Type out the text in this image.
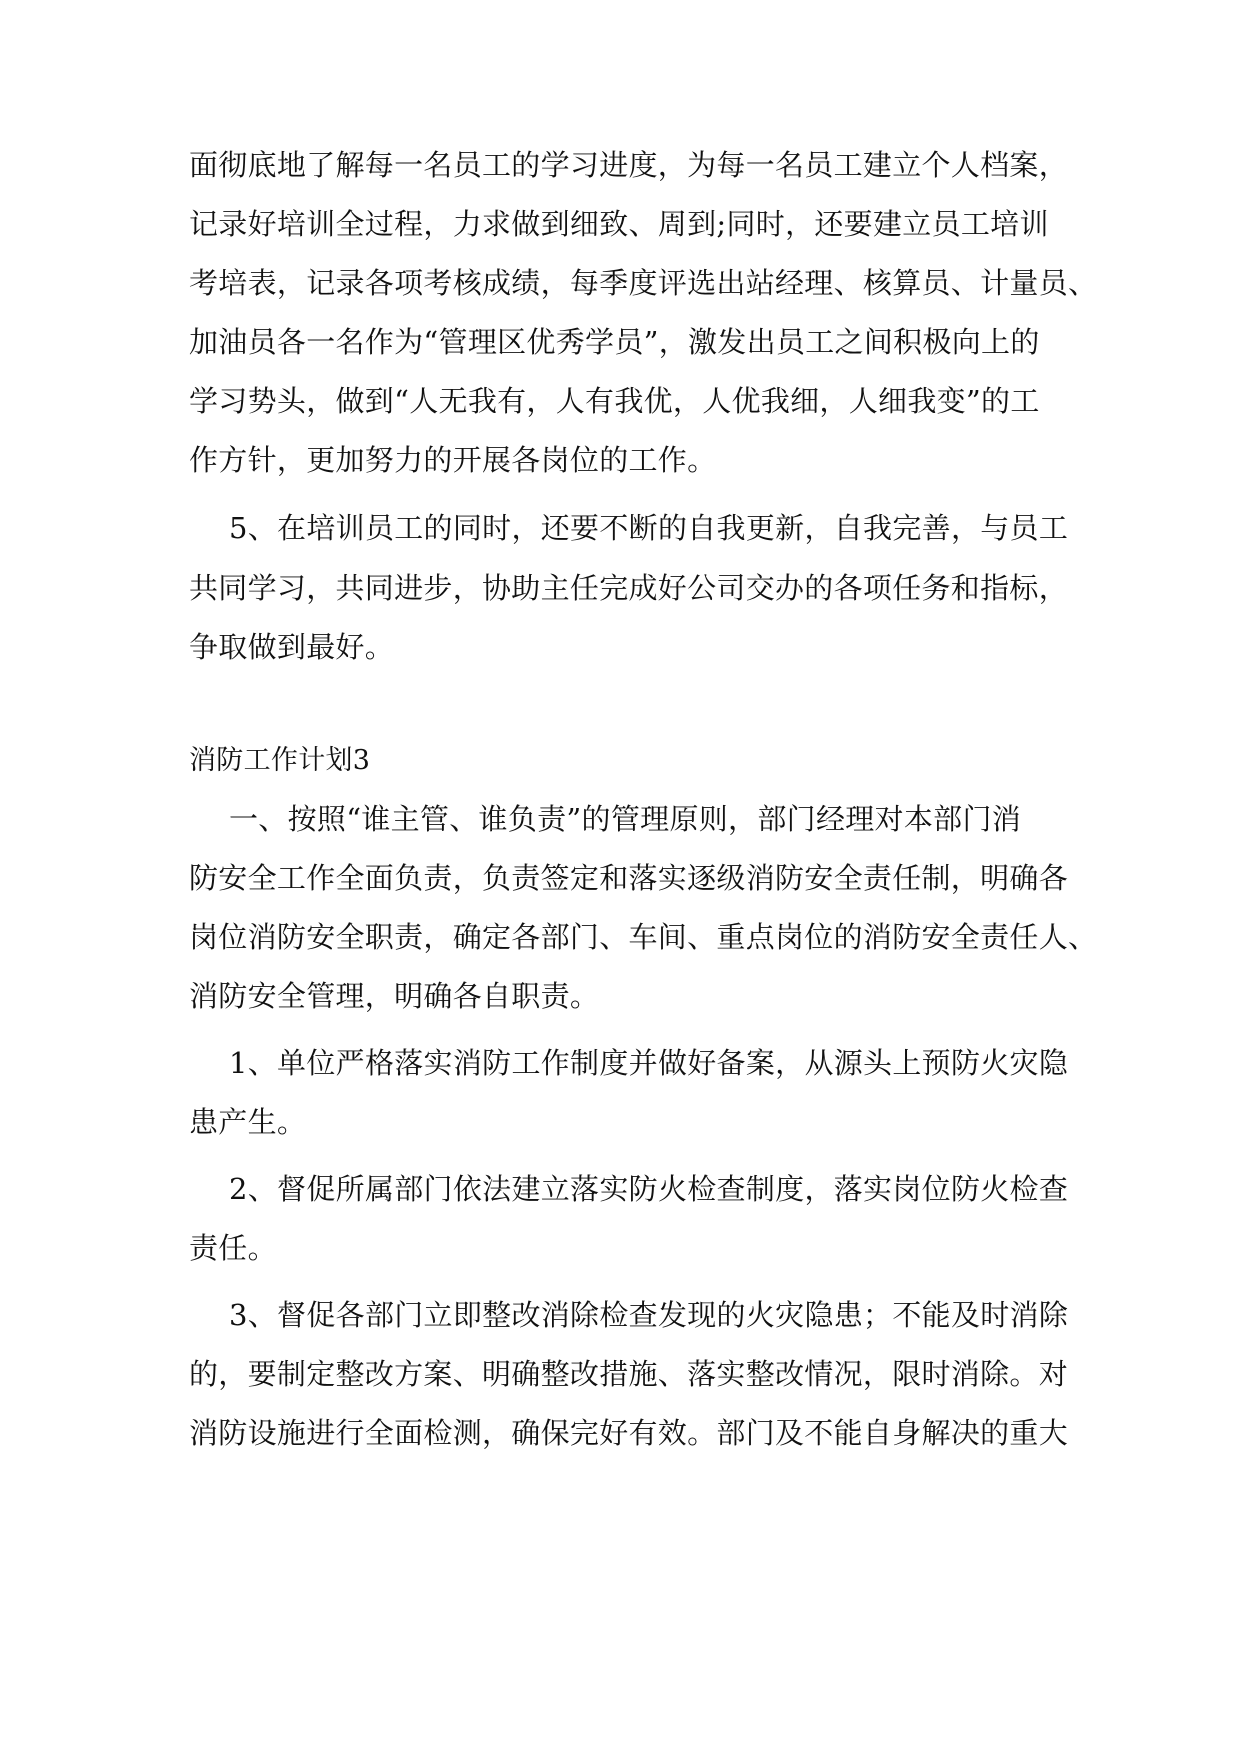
面彻底地了解每一名员工的学习进度，为每一名员工建立个人档案，
记录好培训全过程，力求做到细致、周到;同时，还要建立员工培训
考培表，记录各项考核成绩，每季度评选出站经理、核算员、计量员、
加油员各一名作为“管理区优秀学员”，激发出员工之间积极向上的
学习势头，做到“人无我有，人有我优，人优我细，人细我变”的工
作方针，更加努力的开展各岗位的工作。
5、在培训员工的同时，还要不断的自我更新，自我完善，与员工
共同学习，共同进步，协助主任完成好公司交办的各项任务和指标，
争取做到最好。
消防工作计划3
一、按照“谁主管、谁负责”的管理原则，部门经理对本部门消
防安全工作全面负责，负责签定和落实逐级消防安全责任制，明确各
岗位消防安全职责，确定各部门、车间、重点岗位的消防安全责任人、
消防安全管理，明确各自职责。
1、单位严格落实消防工作制度并做好备案，从源头上预防火灾隐
患产生。
2、督促所属部门依法建立落实防火检查制度，落实岗位防火检查
责任。
3、督促各部门立即整改消除检查发现的火灾隐患；不能及时消除
的，要制定整改方案、明确整改措施、落实整改情况，限时消除。对
消防设施进行全面检测，确保完好有效。部门及不能自身解决的重大
